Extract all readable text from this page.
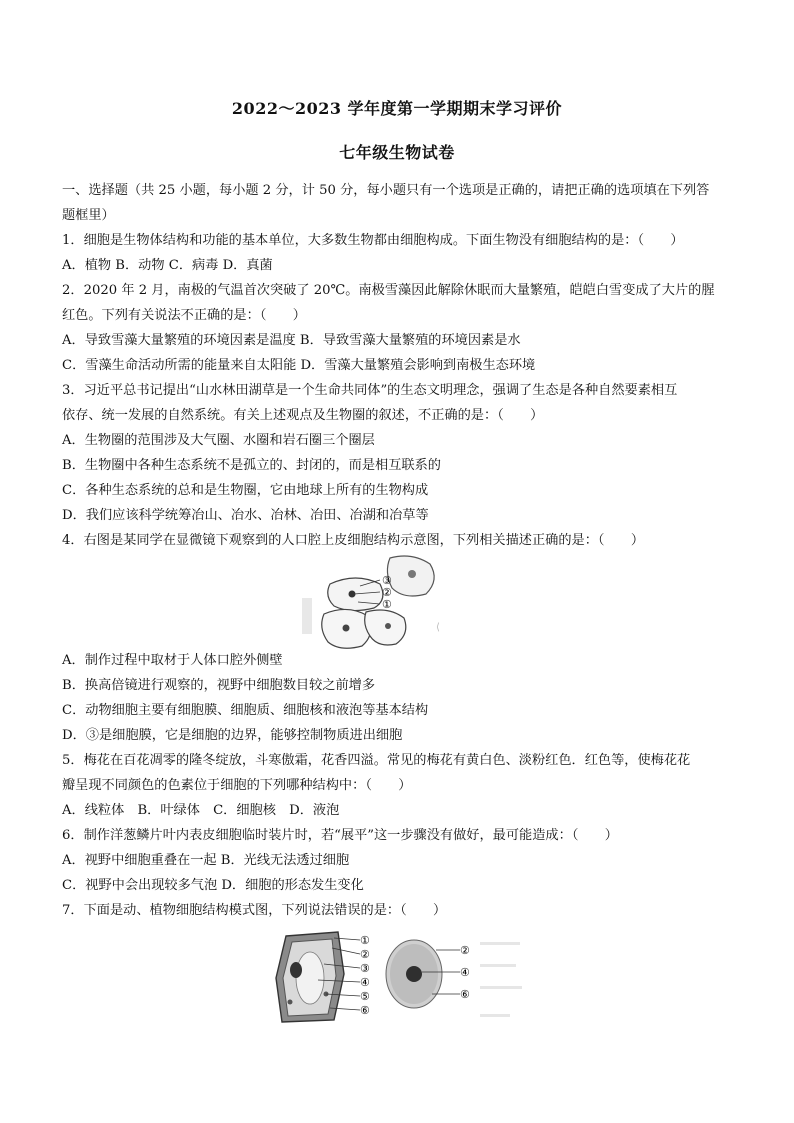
2022～2023 学年度第一学期期末学习评价
七年级生物试卷
一、选择题（共 25 小题，每小题 2 分，计 50 分，每小题只有一个选项是正确的，请把正确的选项填在下列答
题框里）
1．细胞是生物体结构和功能的基本单位，大多数生物都由细胞构成。下面生物没有细胞结构的是：（　　）
A．植物 B．动物 C．病毒 D．真菌
2．2020 年 2 月，南极的气温首次突破了 20℃。南极雪藻因此解除休眠而大量繁殖，皑皑白雪变成了大片的腥
红色。下列有关说法不正确的是：（　　）
A．导致雪藻大量繁殖的环境因素是温度 B．导致雪藻大量繁殖的环境因素是水
C．雪藻生命活动所需的能量来自太阳能 D．雪藻大量繁殖会影响到南极生态环境
3．习近平总书记提出“山水林田湖草是一个生命共同体”的生态文明理念，强调了生态是各种自然要素相互
依存、统一发展的自然系统。有关上述观点及生物圈的叙述，不正确的是：（　　）
A．生物圈的范围涉及大气圈、水圈和岩石圈三个圈层
B．生物圈中各种生态系统不是孤立的、封闭的，而是相互联系的
C．各种生态系统的总和是生物圈，它由地球上所有的生物构成
D．我们应该科学统筹冶山、冶水、冶林、冶田、冶湖和冶草等
4．右图是某同学在显微镜下观察到的人口腔上皮细胞结构示意图，下列相关描述正确的是：（　　）
③
②
①
⟨
A．制作过程中取材于人体口腔外侧壁
B．换高倍镜进行观察的，视野中细胞数目较之前增多
C．动物细胞主要有细胞膜、细胞质、细胞核和液泡等基本结构
D．③是细胞膜，它是细胞的边界，能够控制物质进出细胞
5．梅花在百花凋零的隆冬绽放，斗寒傲霜，花香四溢。常见的梅花有黄白色、淡粉红色．红色等，使梅花花
瓣呈现不同颜色的色素位于细胞的下列哪种结构中：（　　）
A．线粒体　B．叶绿体　C．细胞核　D．液泡
6．制作洋葱鳞片叶内表皮细胞临时装片时，若“展平”这一步骤没有做好，最可能造成：（　　）
A．视野中细胞重叠在一起 B．光线无法透过细胞
C．视野中会出现较多气泡 D．细胞的形态发生变化
7．下面是动、植物细胞结构模式图，下列说法错误的是：（　　）
①
②
③
④
⑤
⑥
②
④
⑥
